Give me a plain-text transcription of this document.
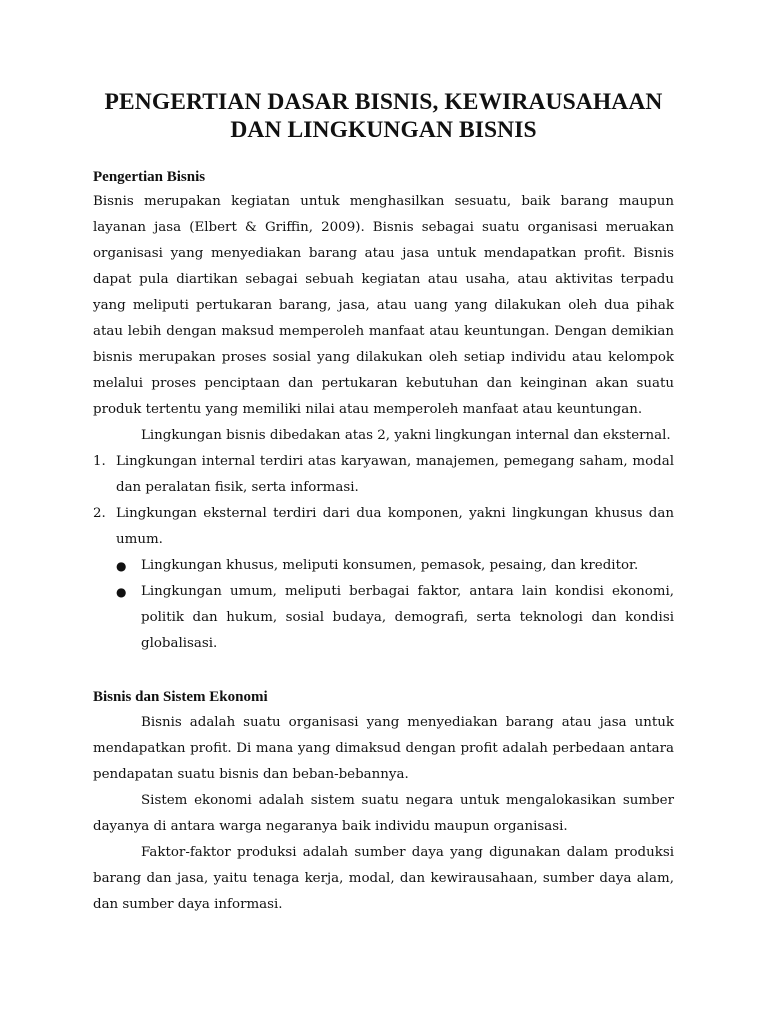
PENGERTIAN DASAR BISNIS, KEWIRAUSAHAAN
DAN LINGKUNGAN BISNIS
Pengertian Bisnis

Bisnis merupakan kegiatan untuk menghasilkan sesuatu, baik barang maupun layanan jasa (Elbert & Griffin, 2009). Bisnis sebagai suatu organisasi meruakan organisasi yang menyediakan barang atau jasa untuk mendapatkan profit. Bisnis dapat pula diartikan sebagai sebuah kegiatan atau usaha, atau aktivitas terpadu yang meliputi pertukaran barang, jasa, atau uang yang dilakukan oleh dua pihak atau lebih dengan maksud memperoleh manfaat atau keuntungan. Dengan demikian bisnis merupakan proses sosial yang dilakukan oleh setiap individu atau kelompok melalui proses penciptaan dan pertukaran kebutuhan dan keinginan akan suatu produk tertentu yang memiliki nilai atau memperoleh manfaat atau keuntungan.

Lingkungan bisnis dibedakan atas 2, yakni lingkungan internal dan eksternal.

1. Lingkungan internal terdiri atas karyawan, manajemen, pemegang saham, modal dan peralatan fisik, serta informasi.
2. Lingkungan eksternal terdiri dari dua komponen, yakni lingkungan khusus dan umum.
● Lingkungan khusus, meliputi konsumen, pemasok, pesaing, dan kreditor.
● Lingkungan umum, meliputi berbagai faktor, antara lain kondisi ekonomi, politik dan hukum, sosial budaya, demografi, serta teknologi dan kondisi globalisasi.
Bisnis dan Sistem Ekonomi

Bisnis adalah suatu organisasi yang menyediakan barang atau jasa untuk mendapatkan profit. Di mana yang dimaksud dengan profit adalah perbedaan antara pendapatan suatu bisnis dan beban-bebannya.

Sistem ekonomi adalah sistem suatu negara untuk mengalokasikan sumber dayanya di antara warga negaranya baik individu maupun organisasi.

Faktor-faktor produksi adalah sumber daya yang digunakan dalam produksi barang dan jasa, yaitu tenaga kerja, modal, dan kewirausahaan, sumber daya alam, dan sumber daya informasi.
